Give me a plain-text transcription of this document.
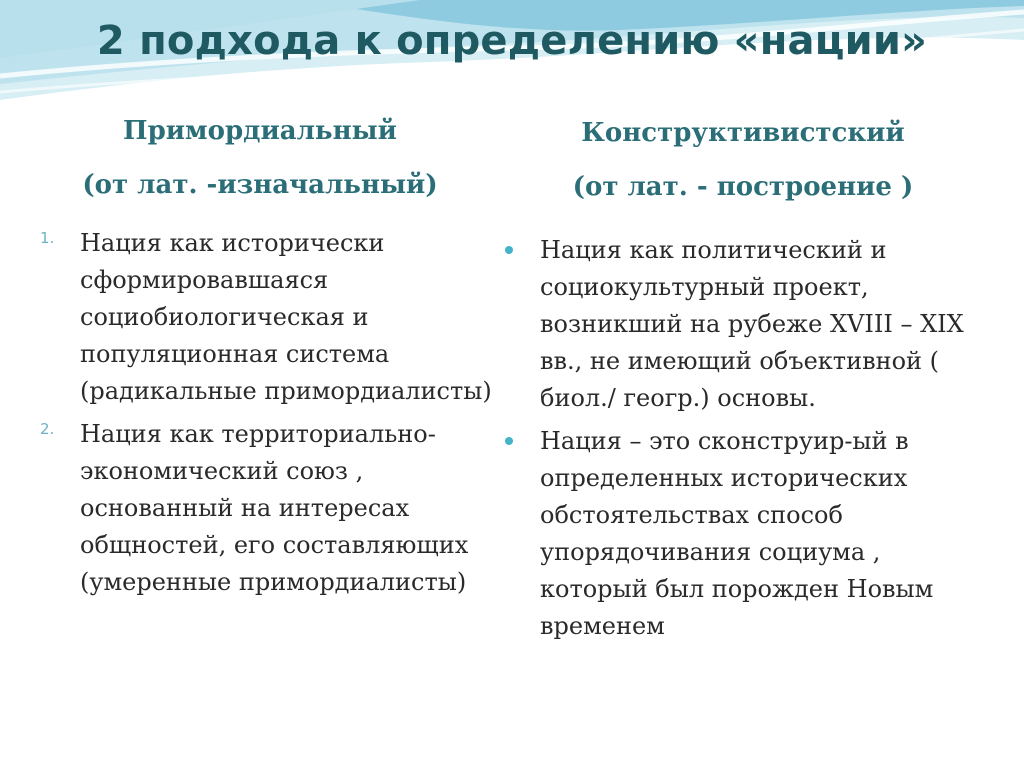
2 подхода к определению «нации»
Примордиальный
(от лат. -изначальный)
Конструктивистский
(от лат. - построение )
1.	Нация как исторически сформировавшаяся социобиологическая и популяционная система (радикальные примордиалисты)
2.	Нация как территориально-экономический союз , основанный на интересах общностей, его составляющих (умеренные примордиалисты)
Нация как политический и социокультурный проект, возникший на рубеже XVIII – XIX вв., не имеющий объективной ( биол./ геогр.) основы.
Нация – это сконструир-ый в определенных исторических обстоятельствах способ упорядочивания социума , который был порожден Новым временем
